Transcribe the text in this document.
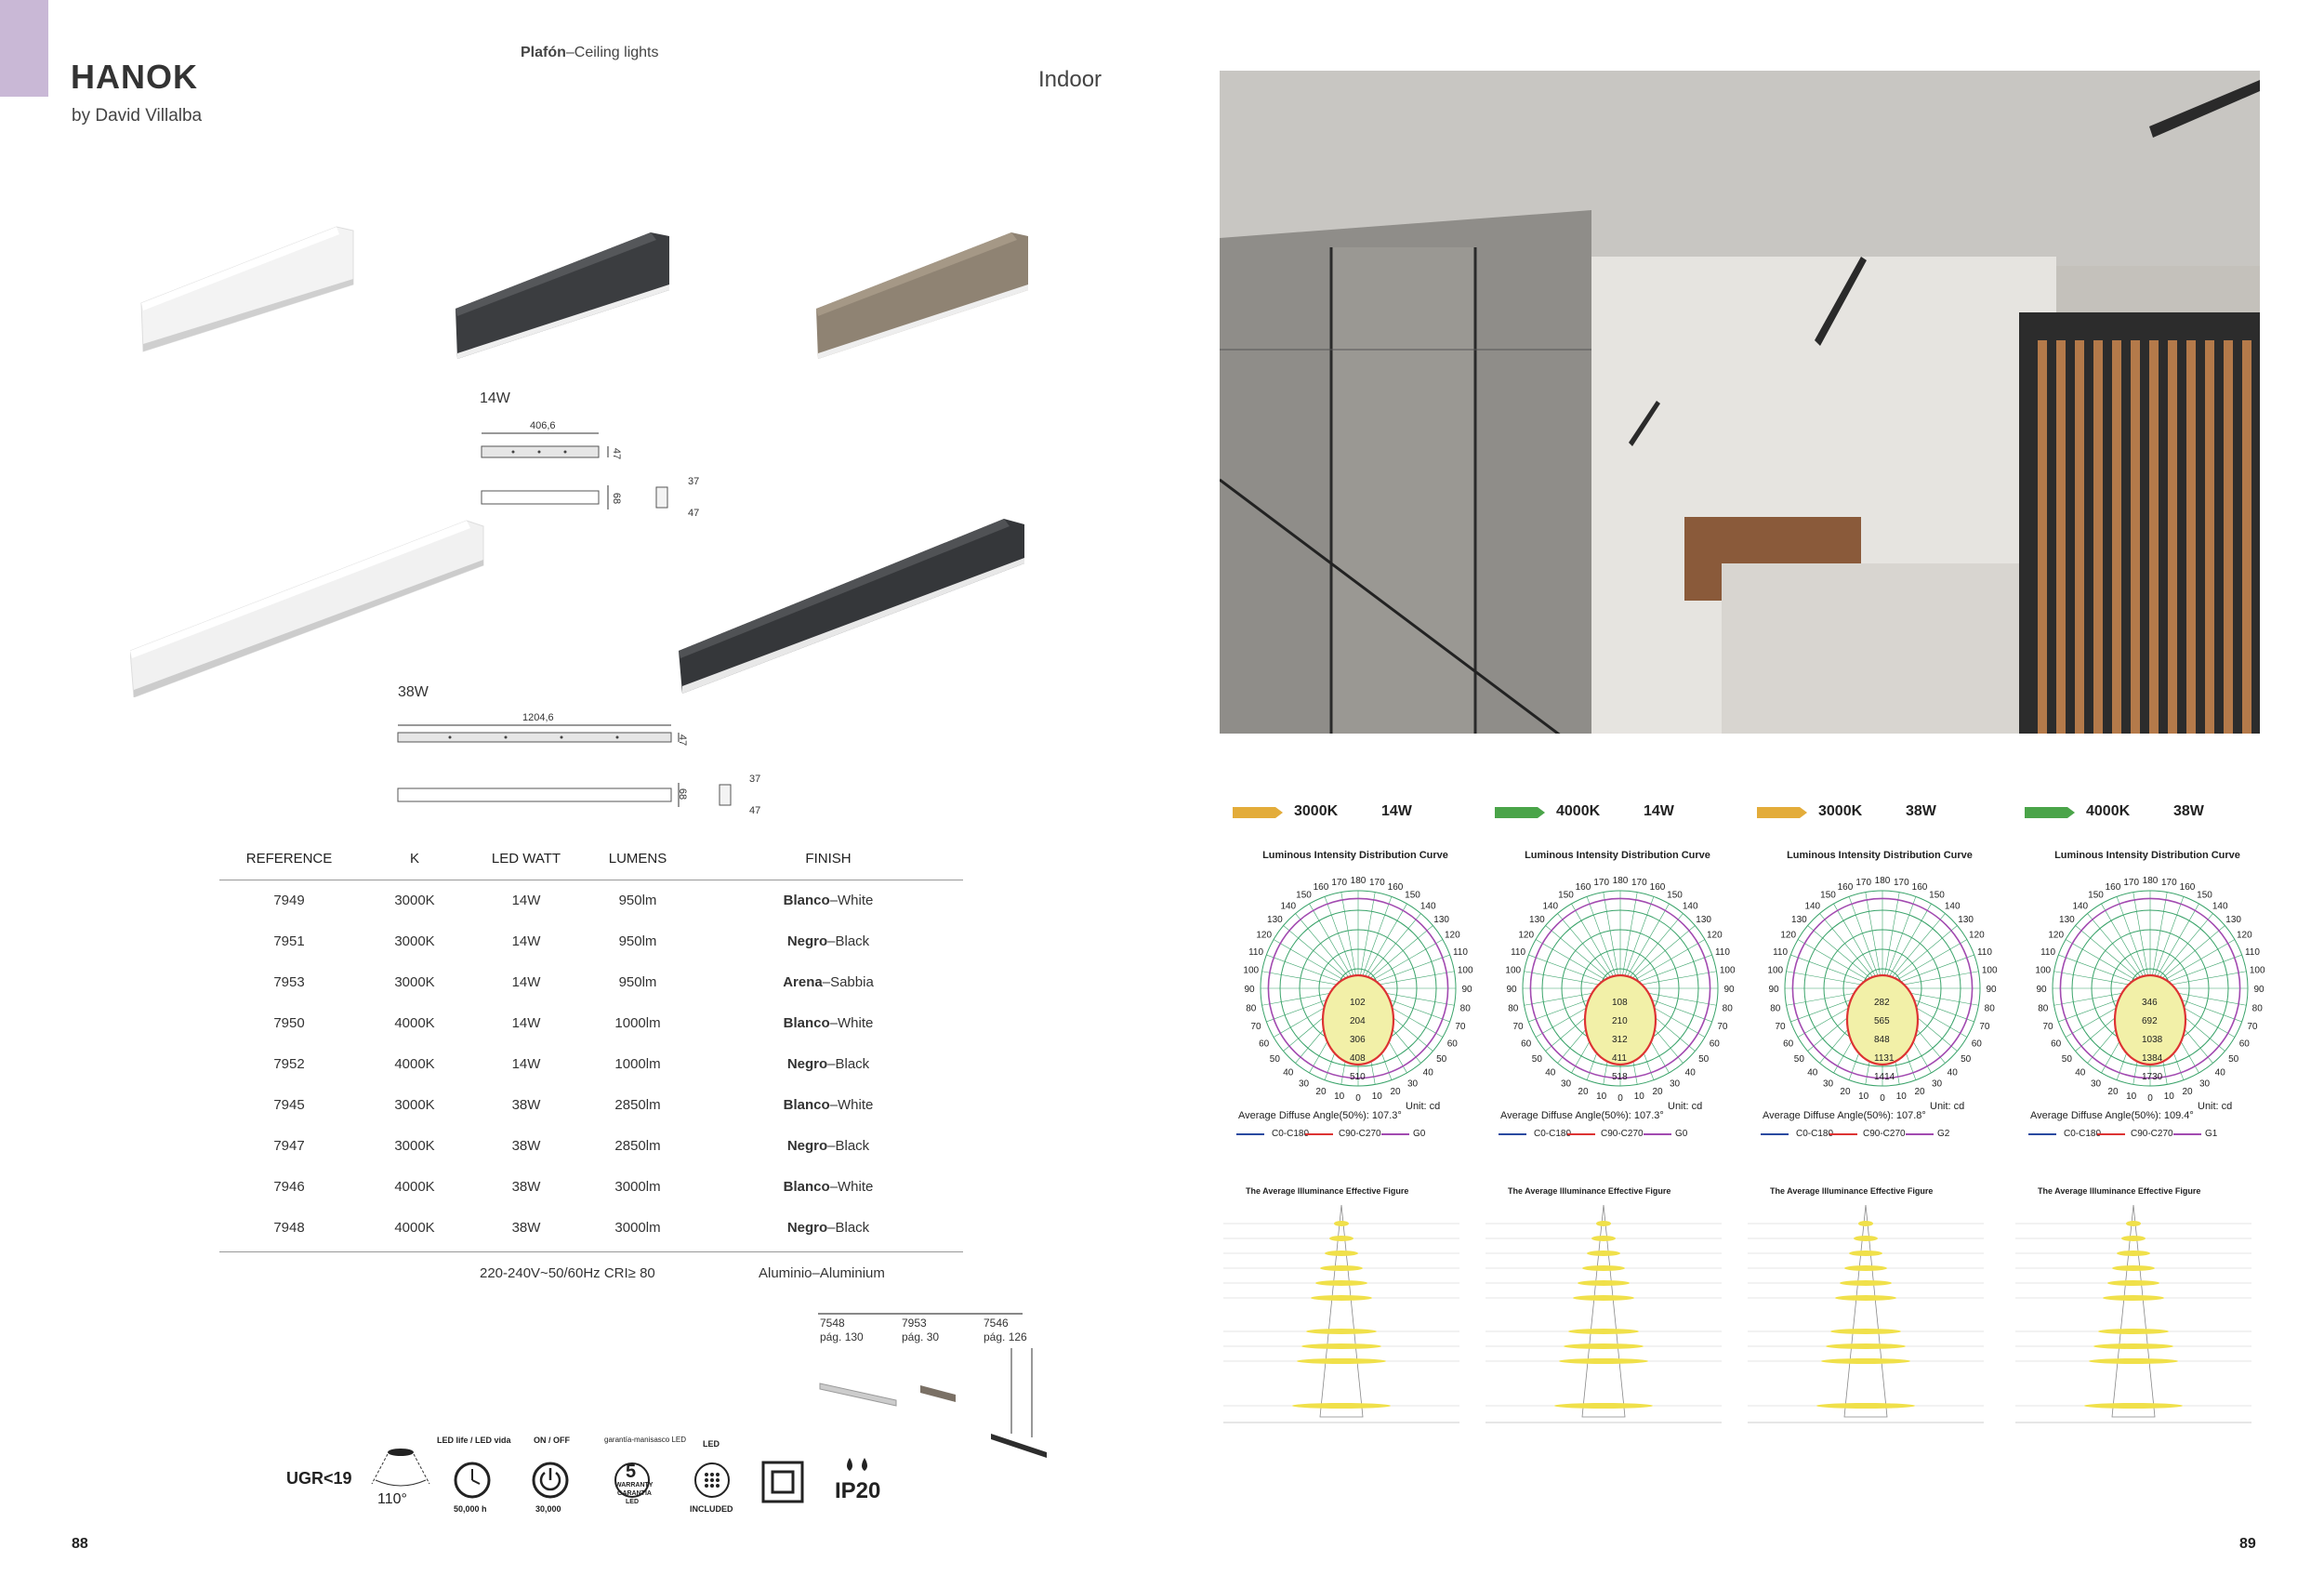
HANOK
by David Villalba
Plafón–Ceiling lights
Indoor
14W
406,6
47
68
37
47
38W
1204,6
47
68
37
47
REFERENCE	K	LED WATT	LUMENS	FINISH
7949	3000K	14W	950lm	Blanco–White
7951	3000K	14W	950lm	Negro–Black
7953	3000K	14W	950lm	Arena–Sabbia
7950	4000K	14W	1000lm	Blanco–White
7952	4000K	14W	1000lm	Negro–Black
7945	3000K	38W	2850lm	Blanco–White
7947	3000K	38W	2850lm	Negro–Black
7946	4000K	38W	3000lm	Blanco–White
7948	4000K	38W	3000lm	Negro–Black
220-240V~50/60Hz CRI≥ 80	Aluminio–Aluminium
7548
pág. 130
7953
pág. 30
7546
pág. 126
UGR<19
110°
LED life / LED vida
50,000 h
ON / OFF
30,000
garantía-manisasco LED
5
WARRANTY
GARANTIA
LED
LED
INCLUDED
IP20
88
3000K	14W
Luminous Intensity Distribution Curve
Unit: cd
Average Diffuse Angle(50%): 107.3°
C0-C180	C90-C270	G0
180
170 170
160	160
150	150
140	140
130	130
120	120
110	110
100	100
90	90
80	80
70	70
60	60
50	50
40	40
30	30
20	20
10	10
0
102
204
306
408
510
The Average Illuminance Effective Figure
4000K	14W
Luminous Intensity Distribution Curve
Unit: cd
Average Diffuse Angle(50%): 107.3°
C0-C180	C90-C270	G0
180
170 170
160	160
150	150
140	140
130	130
120	120
110	110
100	100
90	90
80	80
70	70
60	60
50	50
40	40
30	30
20	20
10	10
0
108
210
312
411
518
The Average Illuminance Effective Figure
3000K	38W
Luminous Intensity Distribution Curve
Unit: cd
Average Diffuse Angle(50%): 107.8°
C0-C180	C90-C270	G2
180
170 170
160	160
150	150
140	140
130	130
120	120
110	110
100	100
90	90
80	80
70	70
60	60
50	50
40	40
30	30
20	20
10	10
0
282
565
848
1131
1414
The Average Illuminance Effective Figure
4000K	38W
Luminous Intensity Distribution Curve
Unit: cd
Average Diffuse Angle(50%): 109.4°
C0-C180	C90-C270	G1
180
170 170
160	160
150	150
140	140
130	130
120	120
110	110
100	100
90	90
80	80
70	70
60	60
50	50
40	40
30	30
20	20
10	10
0
346
692
1038
1384
1730
The Average Illuminance Effective Figure
89
